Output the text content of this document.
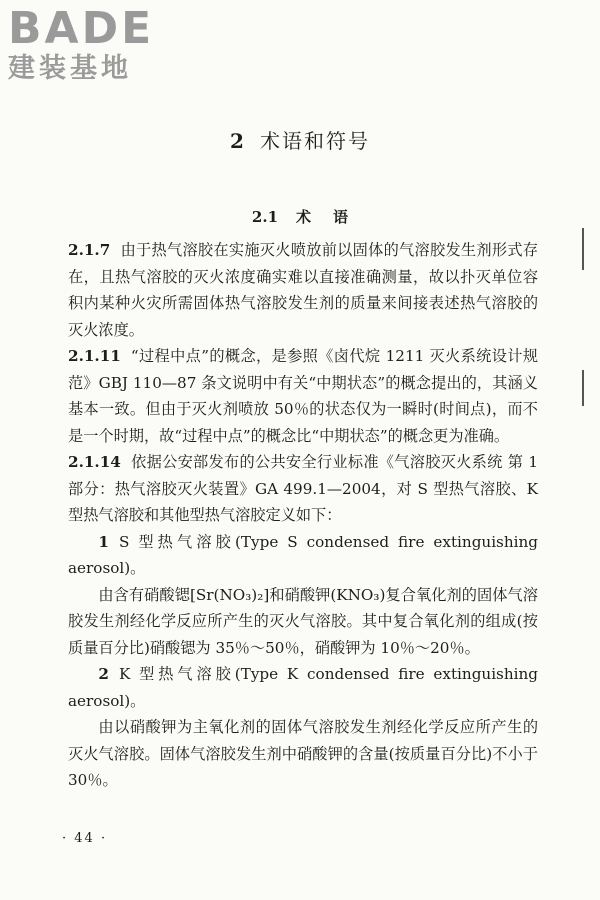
BADE
建装基地
2 术语和符号
2.1 术 语

2.1.7 由于热气溶胶在实施灭火喷放前以固体的气溶胶发生剂形式存在，且热气溶胶的灭火浓度确实难以直接准确测量，故以扑灭单位容积内某种火灾所需固体热气溶胶发生剂的质量来间接表述热气溶胶的灭火浓度。

2.1.11 “过程中点”的概念，是参照《卤代烷 1211 灭火系统设计规范》GBJ 110—87 条文说明中有关“中期状态”的概念提出的，其涵义基本一致。但由于灭火剂喷放 50％的状态仅为一瞬时(时间点)，而不是一个时期，故“过程中点”的概念比“中期状态”的概念更为准确。

2.1.14 依据公安部发布的公共安全行业标准《气溶胶灭火系统 第 1 部分：热气溶胶灭火装置》GA 499.1—2004，对 S 型热气溶胶、K 型热气溶胶和其他型热气溶胶定义如下：

1 S 型热气溶胶(Type S condensed fire extinguishing aerosol)。

由含有硝酸锶[Sr(NO₃)₂]和硝酸钾(KNO₃)复合氧化剂的固体气溶胶发生剂经化学反应所产生的灭火气溶胶。其中复合氧化剂的组成(按质量百分比)硝酸锶为 35％～50％，硝酸钾为 10％～20％。

2 K 型热气溶胶(Type K condensed fire extinguishing aerosol)。

由以硝酸钾为主氧化剂的固体气溶胶发生剂经化学反应所产生的灭火气溶胶。固体气溶胶发生剂中硝酸钾的含量(按质量百分比)不小于 30％。

· 44 ·
